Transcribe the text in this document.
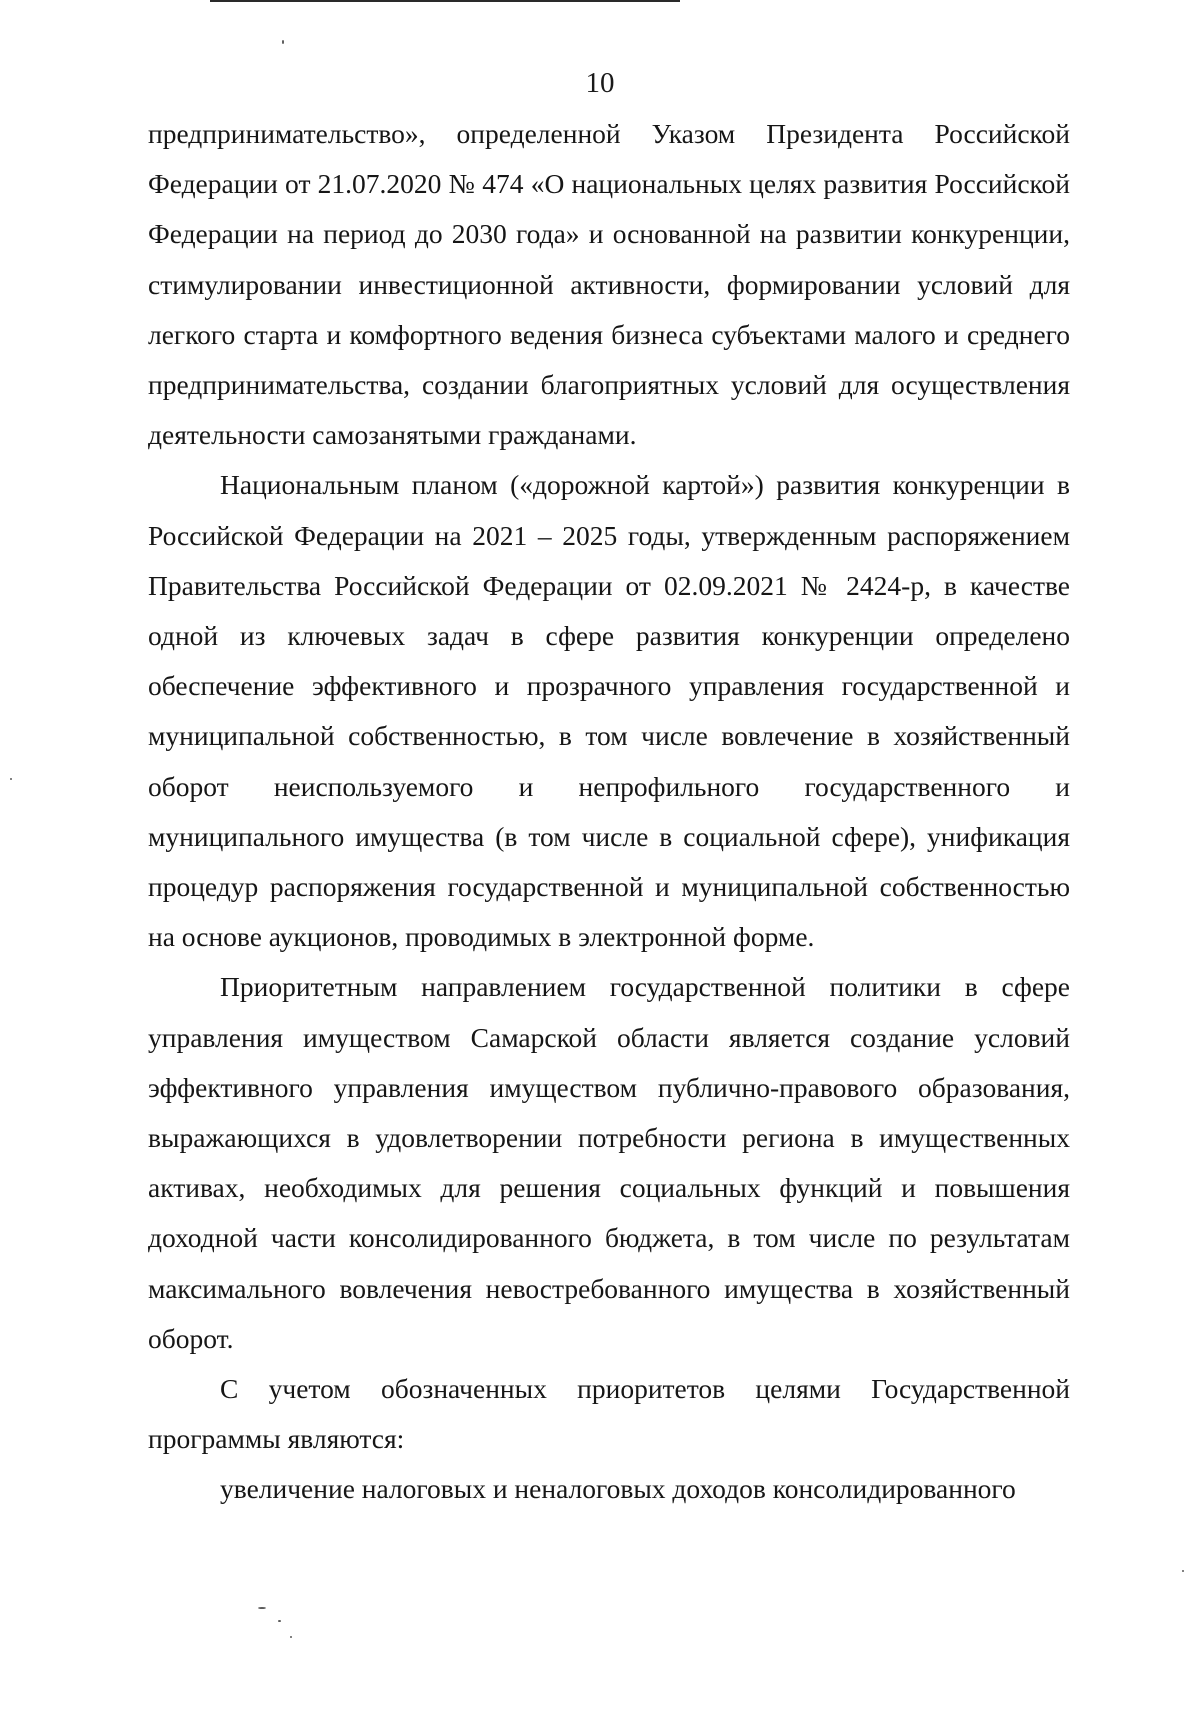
10

предпринимательство», определенной Указом Президента Российской Федерации от 21.07.2020 № 474 «О национальных целях развития Российской Федерации на период до 2030 года» и основанной на развитии конкуренции, стимулировании инвестиционной активности, формировании условий для легкого старта и комфортного ведения бизнеса субъектами малого и среднего предпринимательства, создании благоприятных условий для осуществления деятельности самозанятыми гражданами.

Национальным планом («дорожной картой») развития конкуренции в Российской Федерации на 2021 – 2025 годы, утвержденным распоряжением Правительства Российской Федерации от 02.09.2021 № 2424-р, в качестве одной из ключевых задач в сфере развития конкуренции определено обеспечение эффективного и прозрачного управления государственной и муниципальной собственностью, в том числе вовлечение в хозяйственный оборот неиспользуемого и непрофильного государственного и муниципального имущества (в том числе в социальной сфере), унификация процедур распоряжения государственной и муниципальной собственностью на основе аукционов, проводимых в электронной форме.

Приоритетным направлением государственной политики в сфере управления имуществом Самарской области является создание условий эффективного управления имуществом публично-правового образования, выражающихся в удовлетворении потребности региона в имущественных активах, необходимых для решения социальных функций и повышения доходной части консолидированного бюджета, в том числе по результатам максимального вовлечения невостребованного имущества в хозяйственный оборот.

С учетом обозначенных приоритетов целями Государственной программы являются:

увеличение налоговых и неналоговых доходов консолидированного
